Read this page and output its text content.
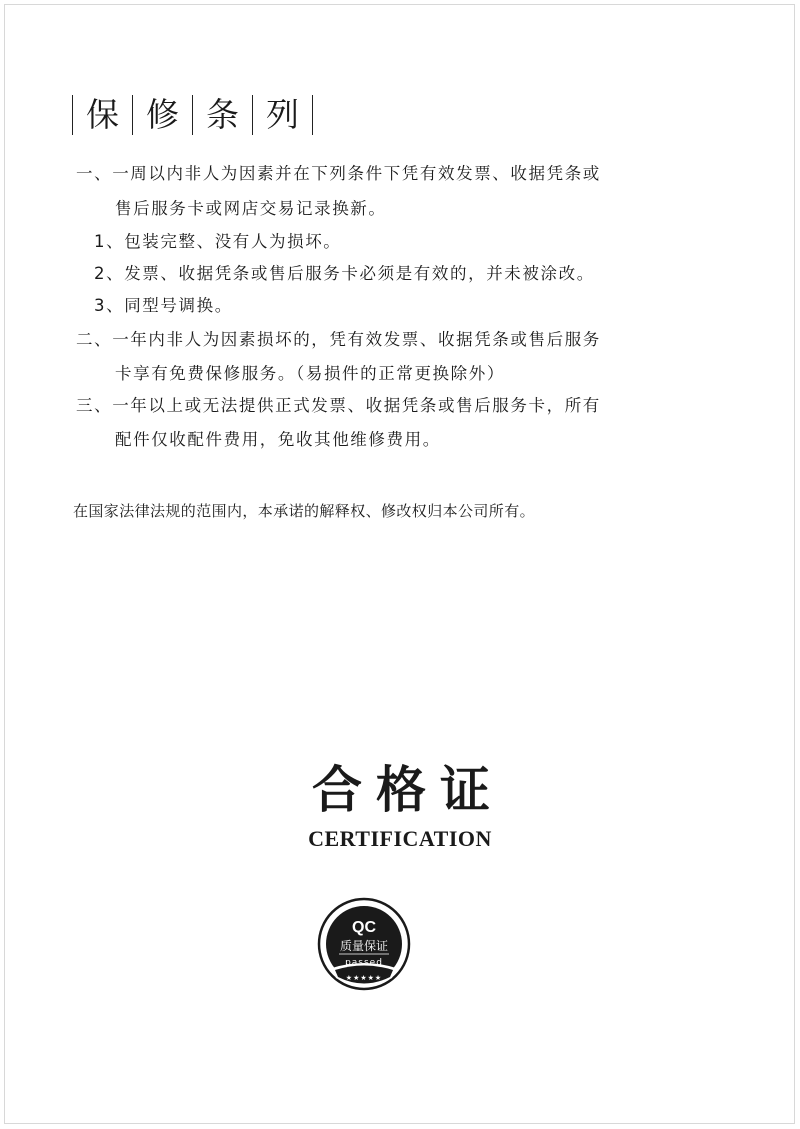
保 修 条 列
一、一周以内非人为因素并在下列条件下凭有效发票、收据凭条或
售后服务卡或网店交易记录换新。
1、包装完整、没有人为损坏。
2、发票、收据凭条或售后服务卡必须是有效的，并未被涂改。
3、同型号调换。
二、一年内非人为因素损坏的，凭有效发票、收据凭条或售后服务
卡享有免费保修服务。（易损件的正常更换除外）
三、一年以上或无法提供正式发票、收据凭条或售后服务卡，所有
配件仅收配件费用，免收其他维修费用。
在国家法律法规的范围内，本承诺的解释权、修改权归本公司所有。
合格证
CERTIFICATION
QC
质量保证
passed
★★★★★
